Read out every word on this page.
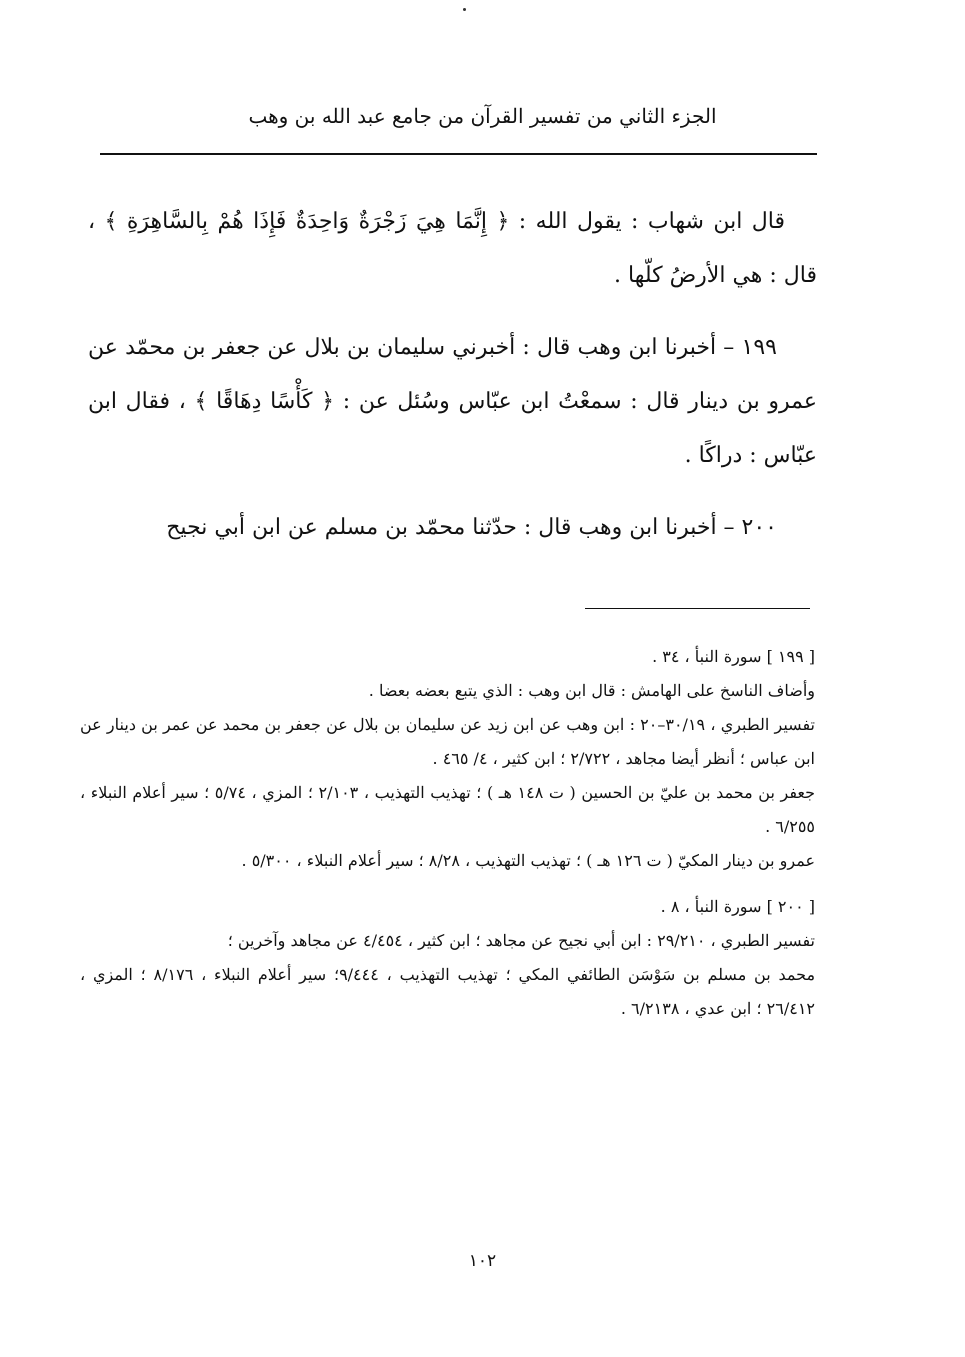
الجزء الثاني من تفسير القرآن من جامع عبد الله بن وهب

قال ابن شهاب : يقول الله : ﴿ إِنَّمَا هِيَ زَجْرَةٌ وَاحِدَةٌ فَإِذَا هُمْ بِالسَّاهِرَةِ ﴾ ، قال : هي الأرضُ كلّها .

١٩٩ – أخبرنا ابن وهب قال : أخبرني سليمان بن بلال عن جعفر بن محمّد عن عمرو بن دينار قال : سمعْتُ ابن عبّاس وسُئل عن : ﴿ كَأْسًا دِهَاقًا ﴾ ، فقال ابن عبّاس : دراكًا .

٢٠٠ – أخبرنا ابن وهب قال : حدّثنا محمّد بن مسلم عن ابن أبي نجيح

[ ١٩٩ ] سورة النبأ ، ٣٤ .

وأضاف الناسخ على الهامش : قال ابن وهب : الذي يتبع بعضه بعضا .

تفسير الطبري ، ٣٠/١٩–٢٠ : ابن وهب عن ابن زيد عن سليمان بن بلال عن جعفر بن محمد عن عمر بن دينار عن ابن عباس ؛ أنظر أيضا مجاهد ، ٢/٧٢٢ ؛ ابن كثير ، ٤/ ٤٦٥ .

جعفر بن محمد بن عليّ بن الحسين ( ت ١٤٨ هـ ) ؛ تهذيب التهذيب ، ٢/١٠٣ ؛ المزي ، ٥/٧٤ ؛ سير أعلام النبلاء ، ٦/٢٥٥ .

عمرو بن دينار المكيّ ( ت ١٢٦ هـ ) ؛ تهذيب التهذيب ، ٨/٢٨ ؛ سير أعلام النبلاء ، ٥/٣٠٠ .

[ ٢٠٠ ] سورة النبأ ، ٨ .

تفسير الطبري ، ٢٩/٢١٠ : ابن أبي نجيح عن مجاهد ؛ ابن كثير ، ٤/٤٥٤ عن مجاهد وآخرين ؛

محمد بن مسلم بن سَوْسَن الطائفي المكي ؛ تهذيب التهذيب ، ٩/٤٤٤؛ سير أعلام النبلاء ، ٨/١٧٦ ؛ المزي ، ٢٦/٤١٢ ؛ ابن عدي ، ٦/٢١٣٨ .

١٠٢
